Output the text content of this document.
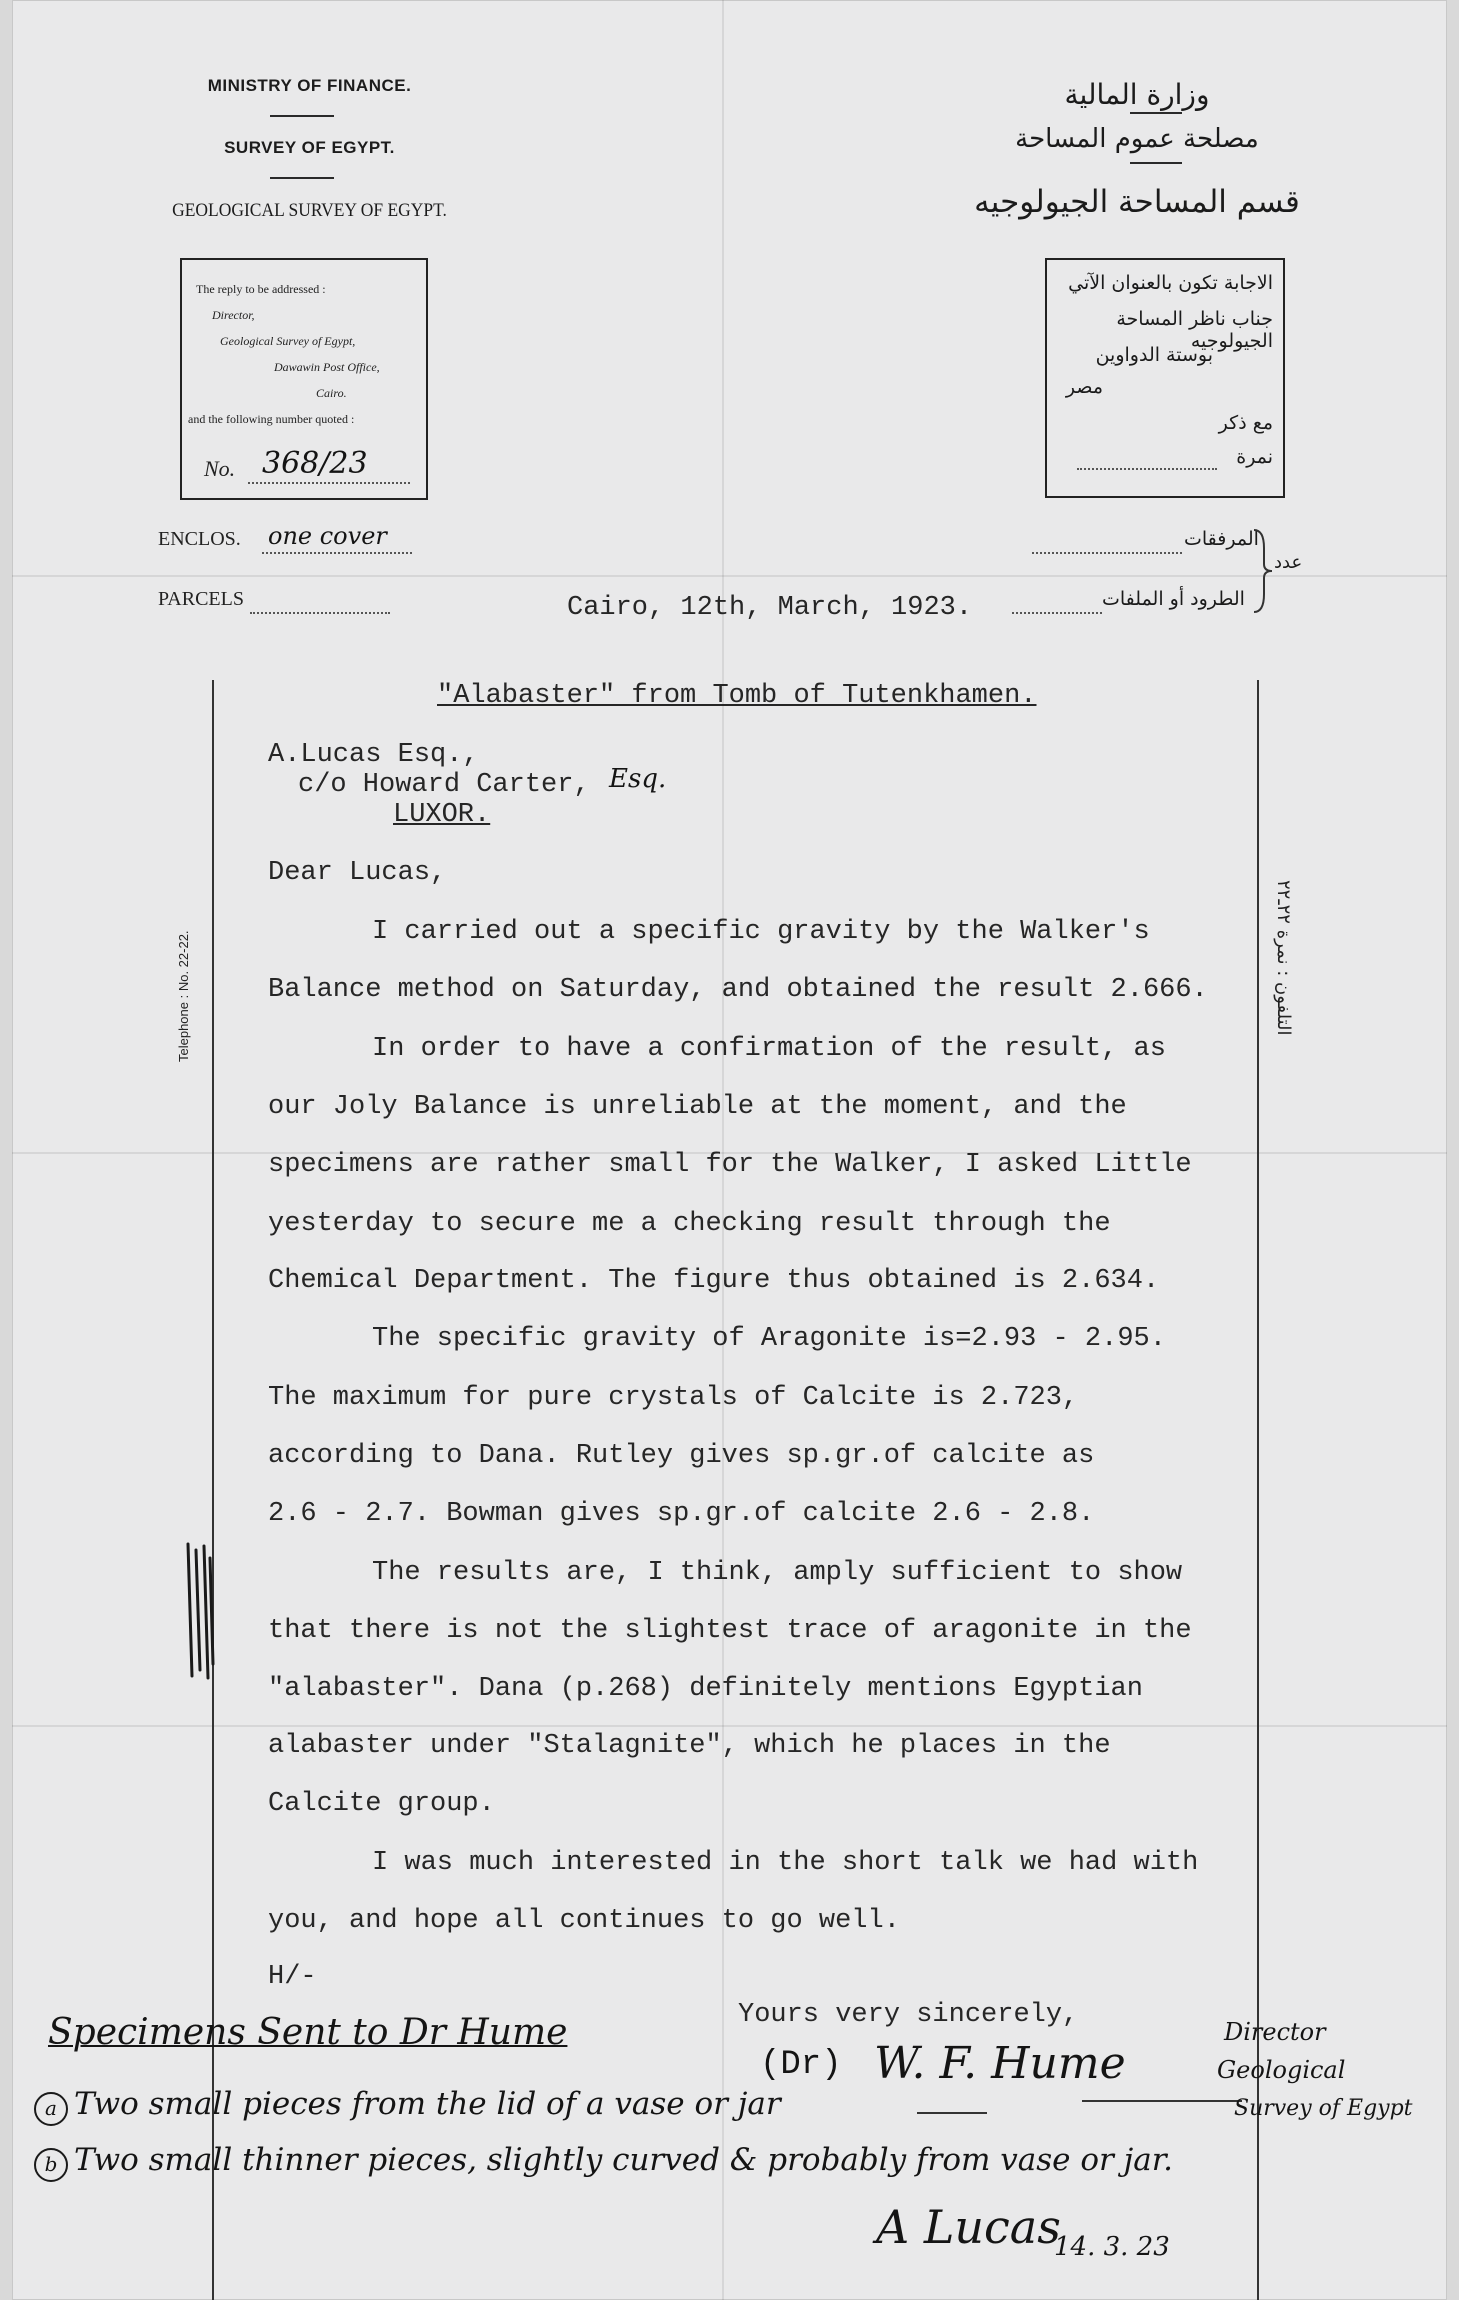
MINISTRY OF FINANCE.
SURVEY OF EGYPT.
GEOLOGICAL SURVEY OF EGYPT.
وزارة المالية
مصلحة عموم المساحة
قسم المساحة الجيولوجيه
The reply to be addressed :
Director,
Geological Survey of Egypt,
Dawawin Post Office,
Cairo.
and the following number quoted :
No. 368/23
الاجابة تكون بالعنوان الآتي
جناب ناظر المساحة الجيولوجيه
بوستة الدواوين
مصر
مع ذكر
نمرة
ENCLOS. one cover
PARCELS
المرفقات
الطرود أو الملفات
عدد
Telephone : No. 22-22.
التلفون : نمرة ٢٢ـ٢٢
Cairo, 12th, March, 1923.
"Alabaster" from Tomb of Tutenkhamen.
A.Lucas Esq.,
c/o Howard Carter, Esq.
LUXOR.
Dear Lucas,
I carried out a specific gravity by the Walker's
Balance method on Saturday, and obtained the result 2.666.
In order to have a confirmation of the result, as
our Joly Balance is unreliable at the moment, and the
specimens are rather small for the Walker, I asked Little
yesterday to secure me a checking result through the
Chemical Department. The figure thus obtained is 2.634.
The specific gravity of Aragonite is=2.93 - 2.95.
The maximum for pure crystals of Calcite is 2.723,
according to Dana. Rutley gives sp.gr.of calcite as
2.6 - 2.7. Bowman gives sp.gr.of calcite 2.6 - 2.8.
The results are, I think, amply sufficient to show
that there is not the slightest trace of aragonite in the
"alabaster". Dana (p.268) definitely mentions Egyptian
alabaster under "Stalagnite", which he places in the
Calcite group.
I was much interested in the short talk we had with
you, and hope all continues to go well.
H/-
Yours very sincerely,
(Dr) W. F. Hume
Director
Geological
Survey of Egypt
Specimens Sent to Dr Hume
a Two small pieces from the lid of a vase or jar
b Two small thinner pieces, slightly curved & probably from vase or jar.
A Lucas
14. 3. 23
